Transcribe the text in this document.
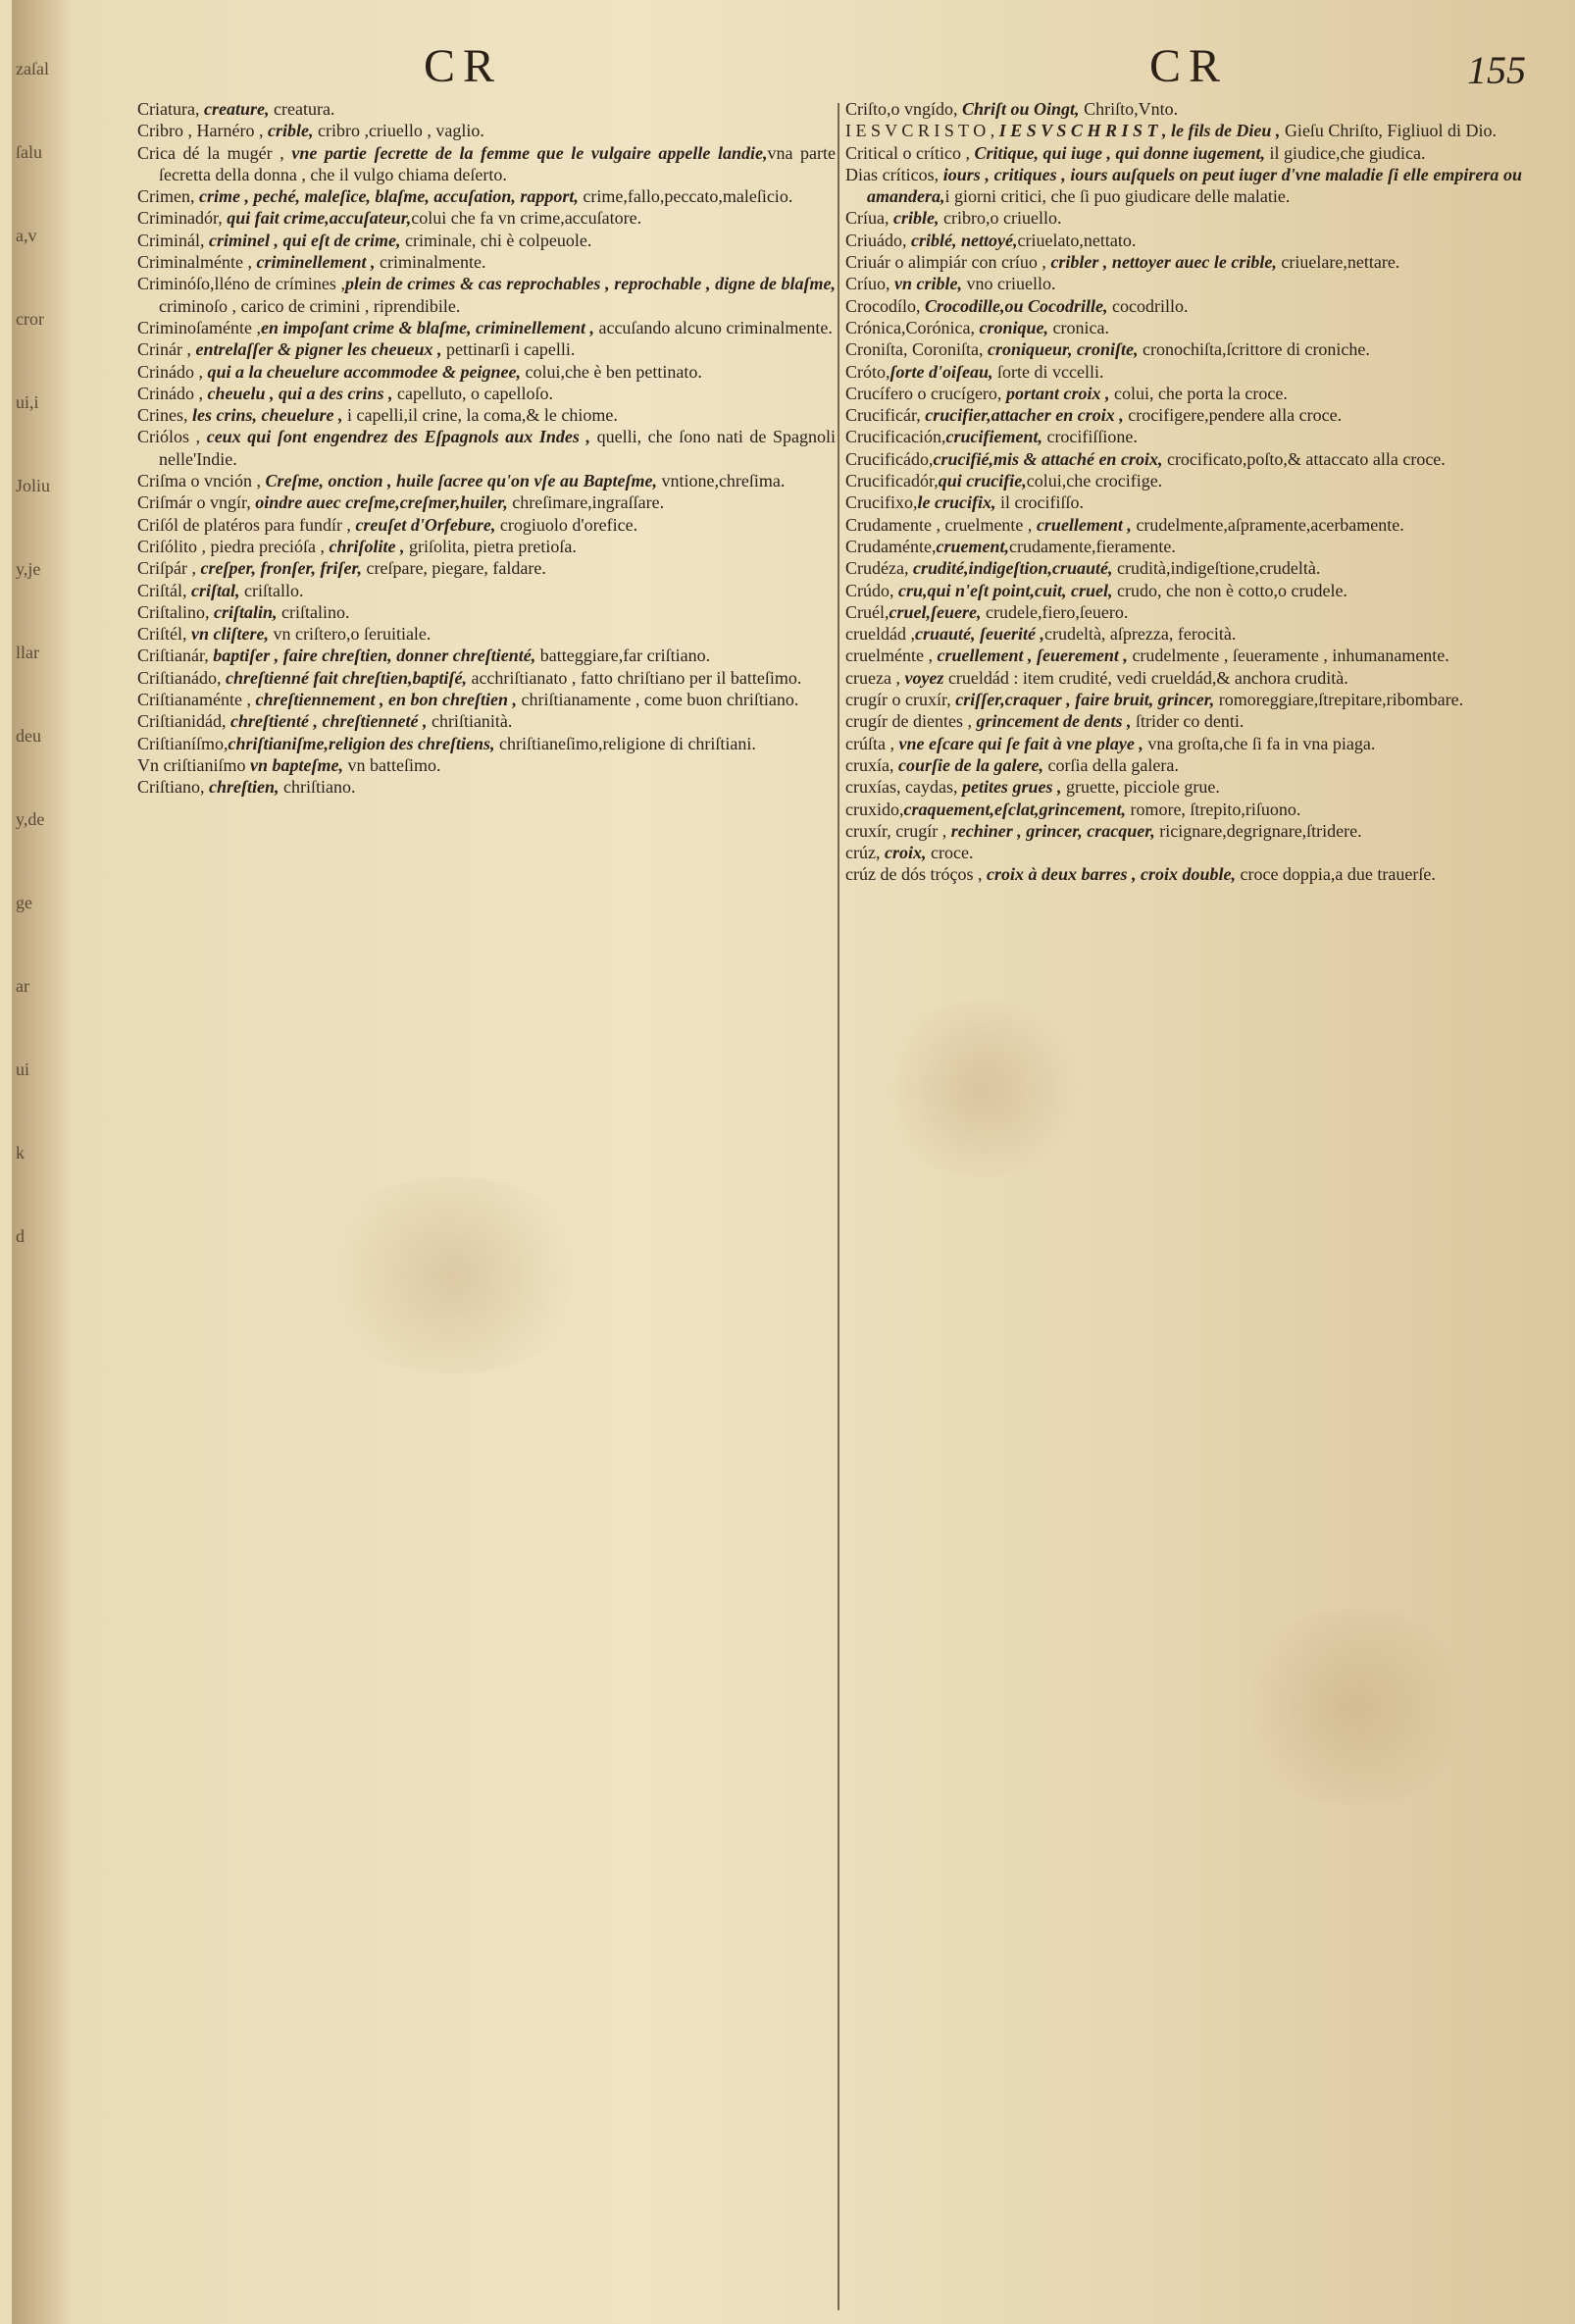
zaſal
ſalu
a,v
cror
ui,i
Joliu
y,je
llar
deu
y,de
ge
ar
ui
k
d
CR	CR	155

Criatura, creature, creatura.

Cribro , Harnéro , crible, cribro ,criuello , vaglio.

Crica dé la mugér , vne partie ſecrette de la femme que le vulgaire appelle landie,vna parte ſecretta della donna , che il vulgo chiama deſerto.

Crimen, crime , peché, maleſice, blaſme, accuſation, rapport, crime,fallo,peccato,maleſicio.

Criminadór, qui fait crime,accuſateur,colui che fa vn crime,accuſatore.

Criminál, criminel , qui eſt de crime, criminale, chi è colpeuole.

Criminalménte , criminellement , criminalmente.

Criminóſo,lléno de crímines ,plein de crimes & cas reprochables , reprochable , digne de blaſme, criminoſo , carico de crimini , riprendibile.

Criminoſaménte ,en impoſant crime & blaſme, criminellement , accuſando alcuno criminalmente.

Crinár , entrelaſſer & pigner les cheueux , pettinarſi i capelli.

Crinádo , qui a la cheuelure accommodee & peignee, colui,che è ben pettinato.

Crinádo , cheuelu , qui a des crins , capelluto, o capelloſo.

Crines, les crins, cheuelure , i capelli,il crine, la coma,& le chiome.

Criólos , ceux qui ſont engendrez des Eſpagnols aux Indes , quelli, che ſono nati de Spagnoli nelle'Indie.

Criſma o vnción , Creſme, onction , huile ſacree qu'on vſe au Bapteſme, vntione,chreſima.

Criſmár o vngír, oindre auec creſme,creſmer,huiler, chreſimare,ingraſſare.

Criſól de platéros para fundír , creuſet d'Orfebure, crogiuolo d'orefice.

Criſólito , piedra precióſa , chriſolite , griſolita, pietra pretioſa.

Criſpár , creſper, fronſer, friſer, creſpare, piegare, faldare.

Criſtál, criſtal, criſtallo.

Criſtalino, criſtalin, criſtalino.

Criſtél, vn cliſtere, vn criſtero,o ſeruitiale.

Criſtianár, baptiſer , faire chreſtien, donner chreſtienté, batteggiare,far criſtiano.

Criſtianádo, chreſtienné fait chreſtien,baptiſé, acchriſtianato , fatto chriſtiano per il batteſimo.

Criſtianaménte , chreſtiennement , en bon chreſtien , chriſtianamente , come buon chriſtiano.

Criſtianidád, chreſtienté , chreſtienneté , chriſtianità.

Criſtianíſmo,chriſtianiſme,religion des chreſtiens, chriſtianeſimo,religione di chriſtiani.

Vn criſtianiſmo vn bapteſme, vn batteſimo.

Criſtiano, chreſtien, chriſtiano.

Criſto,o vngído, Chriſt ou Oingt, Chriſto,Vnto.

I E S V C R I S T O , I E S V S C H R I S T , le fils de Dieu , Gieſu Chriſto, Figliuol di Dio.

Critical o crítico , Critique, qui iuge , qui donne iugement, il giudice,che giudica.

Dias críticos, iours , critiques , iours auſquels on peut iuger d'vne maladie ſi elle empirera ou amandera,i giorni critici, che ſi puo giudicare delle malatie.

Críua, crible, cribro,o criuello.

Criuádo, criblé, nettoyé,criuelato,nettato.

Criuár o alimpiár con críuo , cribler , nettoyer auec le crible, criuelare,nettare.

Críuo, vn crible, vno criuello.

Crocodílo, Crocodille,ou Cocodrille, cocodrillo.

Crónica,Corónica, cronique, cronica.

Croniſta, Coroniſta, croniqueur, croniſte, cronochiſta,ſcrittore di croniche.

Cróto,ſorte d'oiſeau, ſorte di vccelli.

Crucífero o crucígero, portant croix , colui, che porta la croce.

Crucificár, crucifier,attacher en croix , crocifigere,pendere alla croce.

Crucificación,crucifiement, crocifiſſione.

Crucificádo,crucifié,mis & attaché en croix, crocificato,poſto,& attaccato alla croce.

Crucificadór,qui crucifie,colui,che crocifige.

Crucifixo,le crucifix, il crocifiſſo.

Crudamente , cruelmente , cruellement , crudelmente,aſpramente,acerbamente.

Crudaménte,cruement,crudamente,fieramente.

Crudéza, crudité,indigeſtion,cruauté, crudità,indigeſtione,crudeltà.

Crúdo, cru,qui n'eſt point,cuit, cruel, crudo, che non è cotto,o crudele.

Cruél,cruel,ſeuere, crudele,fiero,ſeuero.

crueldád ,cruauté, ſeuerité ,crudeltà, aſprezza, ferocità.

cruelménte , cruellement , ſeuerement , crudelmente , ſeueramente , inhumanamente.

crueza , voyez crueldád : item crudité, vedi crueldád,& anchora crudità.

crugír o cruxír, criſſer,craquer , faire bruit, grincer, romoreggiare,ſtrepitare,ribombare.

crugír de dientes , grincement de dents , ſtrider co denti.

crúſta , vne eſcare qui ſe fait à vne playe , vna groſta,che ſi fa in vna piaga.

cruxía, courſie de la galere, corſia della galera.

cruxías, caydas, petites grues , gruette, picciole grue.

cruxido,craquement,eſclat,grincement, romore, ſtrepito,riſuono.

cruxír, crugír , rechiner , grincer, cracquer, ricignare,degrignare,ſtridere.

crúz, croix, croce.

crúz de dós tróços , croix à deux barres , croix double, croce doppia,a due trauerſe.
